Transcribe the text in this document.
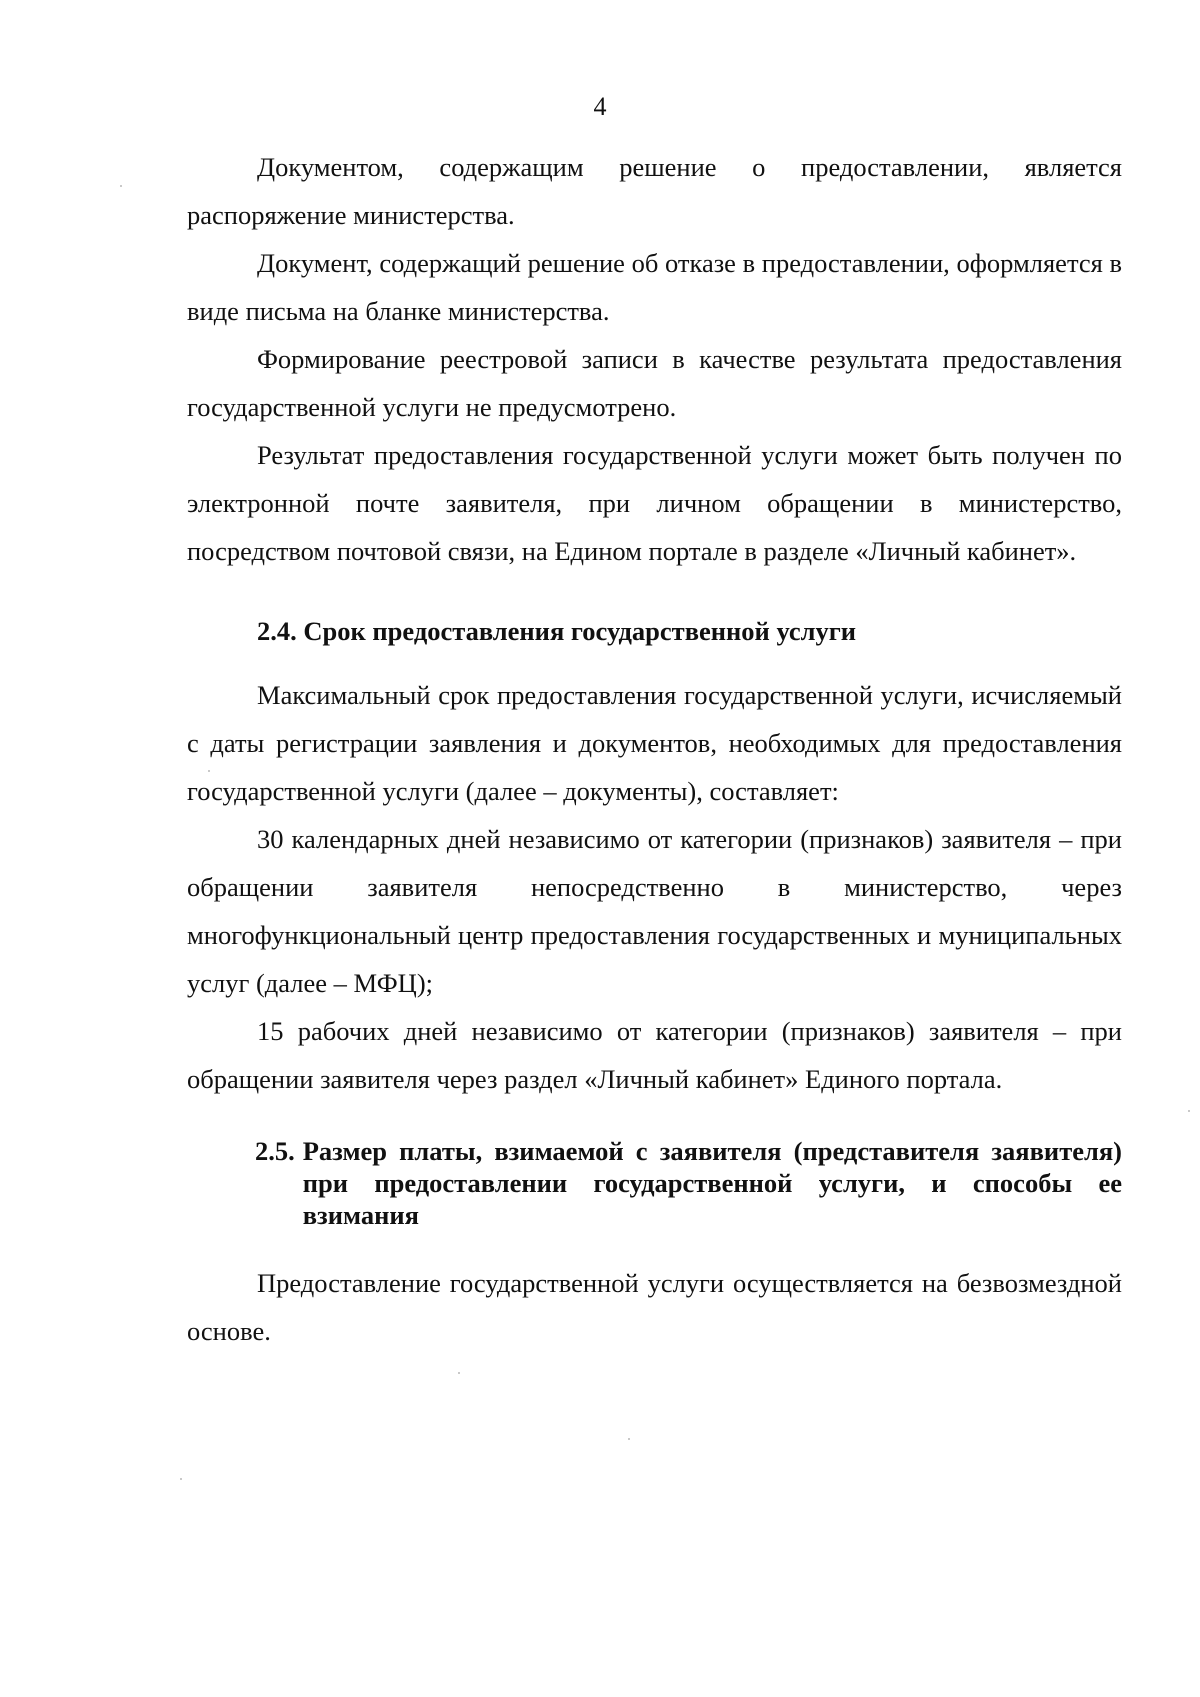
4

Документом, содержащим решение о предоставлении, является распоряжение министерства.

Документ, содержащий решение об отказе в предоставлении, оформляется в виде письма на бланке министерства.

Формирование реестровой записи в качестве результата предоставления государственной услуги не предусмотрено.

Результат предоставления государственной услуги может быть получен по электронной почте заявителя, при личном обращении в министерство, посредством почтовой связи, на Едином портале в разделе «Личный кабинет».

2.4. Срок предоставления государственной услуги

Максимальный срок предоставления государственной услуги, исчисляемый с даты регистрации заявления и документов, необходимых для предоставления государственной услуги (далее – документы), составляет:

30 календарных дней независимо от категории (признаков) заявителя – при обращении заявителя непосредственно в министерство, через многофункциональный центр предоставления государственных и муниципальных услуг (далее – МФЦ);

15 рабочих дней независимо от категории (признаков) заявителя – при обращении заявителя через раздел «Личный кабинет» Единого портала.

2.5. Размер платы, взимаемой с заявителя (представителя заявителя) при предоставлении государственной услуги, и способы ее взимания

Предоставление государственной услуги осуществляется на безвозмездной основе.
